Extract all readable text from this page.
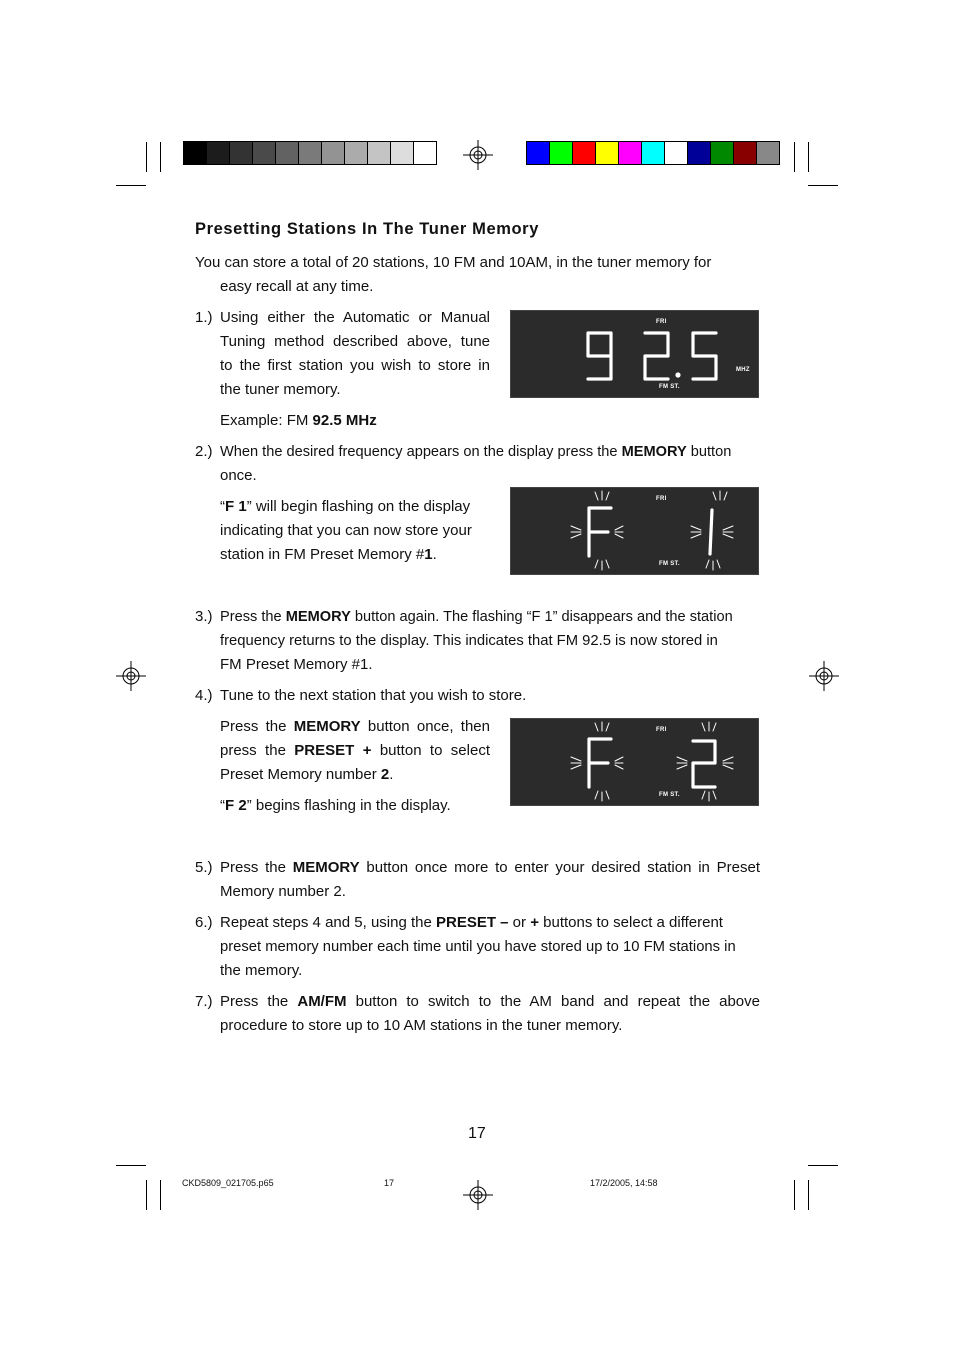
Presetting Stations In The Tuner Memory

You can store a total of 20 stations, 10 FM and 10AM, in the tuner memory for

easy recall at any time.

1.) Using either the Automatic or Manual

Tuning method described above, tune

to the first station you wish to store in

the tuner memory.

Example: FM 92.5 MHz

FRI
FM ST.
MHZ
2.) When the desired frequency appears on the display press the MEMORY button

once.

“F 1” will begin flashing on the display

indicating that you can now store your

station in FM Preset Memory #1.

FRI
FM ST.
3.) Press the MEMORY button again. The flashing “F 1” disappears and the station

frequency returns to the display. This indicates that FM 92.5 is now stored in

FM Preset Memory #1.

4.) Tune to the next station that you wish to store.

Press the MEMORY button once, then

press the PRESET + button to select

Preset Memory number 2.

“F 2” begins flashing in the display.

FRI
FM ST.
5.) Press the MEMORY button once more to enter your desired station in Preset

Memory number 2.

6.) Repeat steps 4 and 5, using the PRESET – or + buttons to select a different

preset memory number each time until you have stored up to 10 FM stations in

the memory.

7.) Press the AM/FM button to switch to the AM band and repeat the above

procedure to store up to 10 AM stations in the tuner memory.

17
CKD5809_021705.p65	17	17/2/2005, 14:58
